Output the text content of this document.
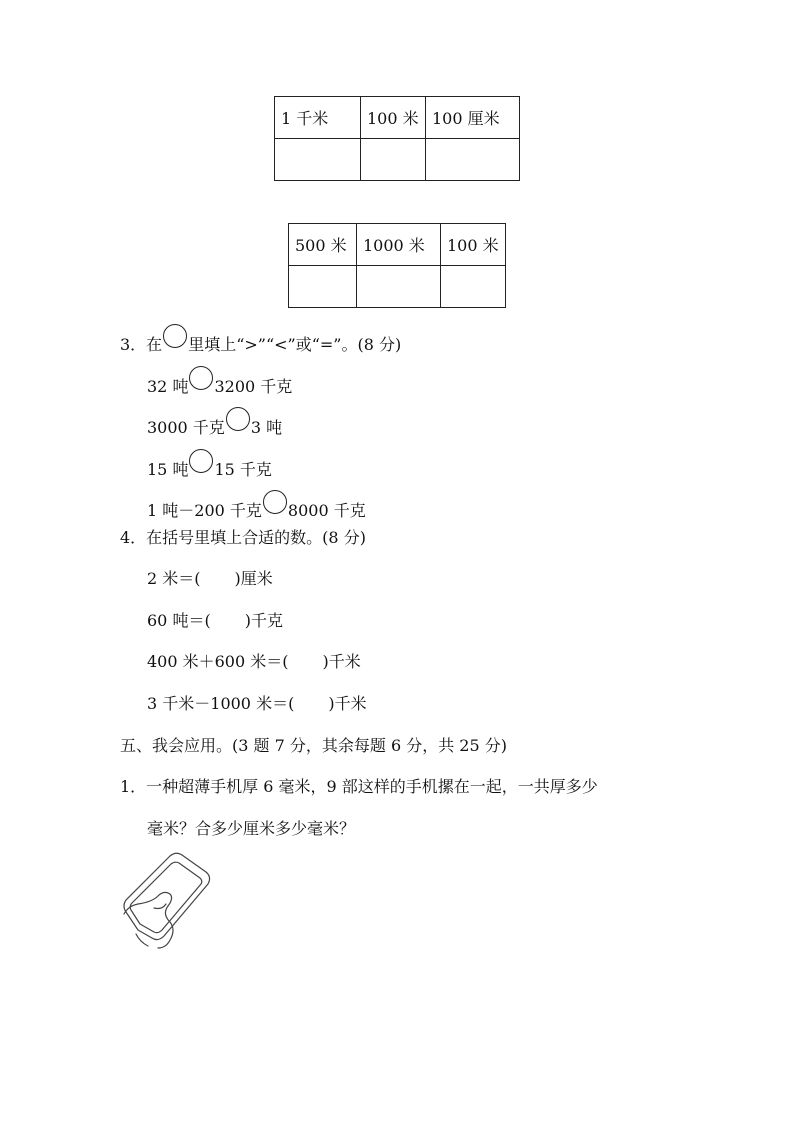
1 千米	100 米	100 厘米

500 米	1000 米	100 米

3．在 里填上“>”“<”或“=”。(8 分)
32 吨 3200 千克
3000 千克 3 吨
15 吨 15 千克
1 吨－200 千克 8000 千克
4．在括号里填上合适的数。(8 分)
2 米＝( )厘米
60 吨＝( )千克
400 米＋600 米＝( )千米
3 千米－1000 米＝( )千米
五、我会应用。(3 题 7 分，其余每题 6 分，共 25 分)
1．一种超薄手机厚 6 毫米，9 部这样的手机摞在一起，一共厚多少
毫米？合多少厘米多少毫米？
